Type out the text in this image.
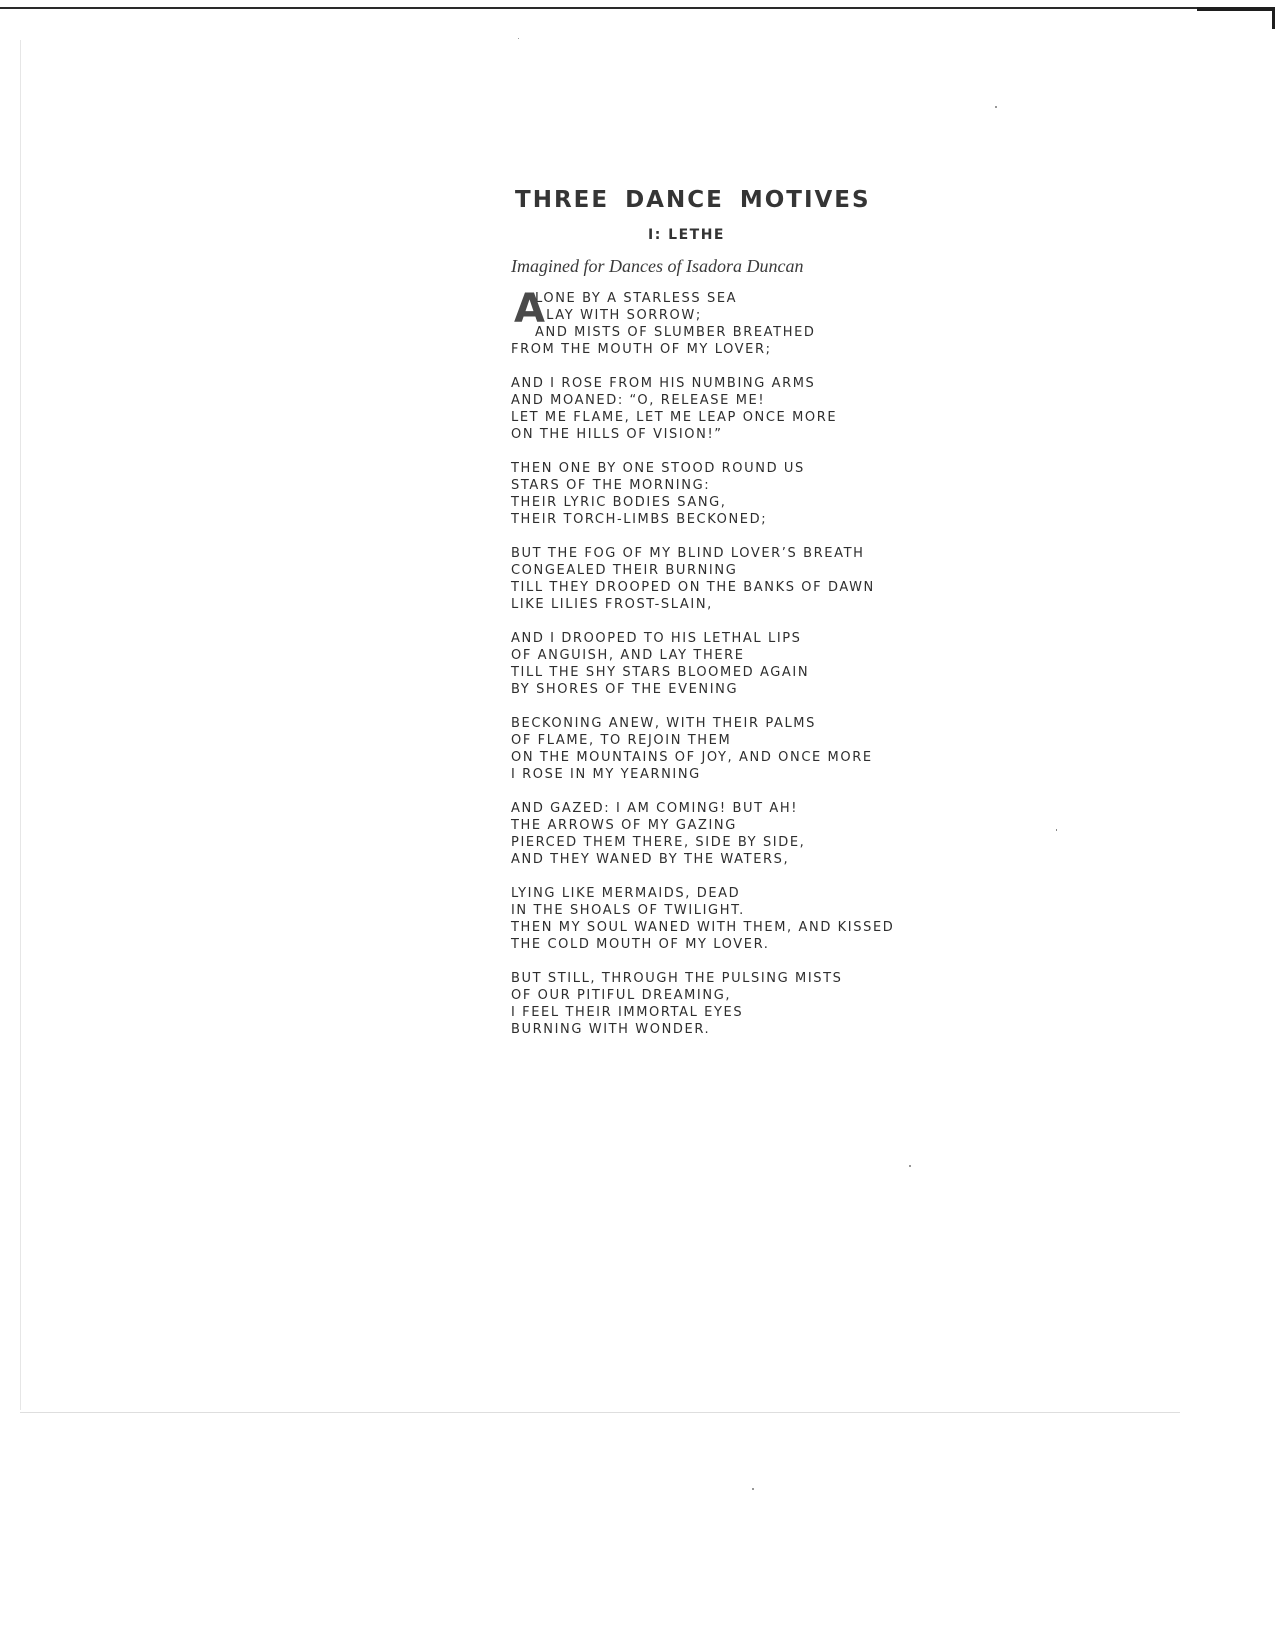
THREE DANCE MOTIVES
I: LETHE
Imagined for Dances of Isadora Duncan
A
LONE BY A STARLESS SEA
I LAY WITH SORROW;
AND MISTS OF SLUMBER BREATHED
FROM THE MOUTH OF MY LOVER;
AND I ROSE FROM HIS NUMBING ARMS
AND MOANED: “O, RELEASE ME!
LET ME FLAME, LET ME LEAP ONCE MORE
ON THE HILLS OF VISION!”
THEN ONE BY ONE STOOD ROUND US
STARS OF THE MORNING:
THEIR LYRIC BODIES SANG,
THEIR TORCH-LIMBS BECKONED;
BUT THE FOG OF MY BLIND LOVER’S BREATH
CONGEALED THEIR BURNING
TILL THEY DROOPED ON THE BANKS OF DAWN
LIKE LILIES FROST-SLAIN,
AND I DROOPED TO HIS LETHAL LIPS
OF ANGUISH, AND LAY THERE
TILL THE SHY STARS BLOOMED AGAIN
BY SHORES OF THE EVENING
BECKONING ANEW, WITH THEIR PALMS
OF FLAME, TO REJOIN THEM
ON THE MOUNTAINS OF JOY, AND ONCE MORE
I ROSE IN MY YEARNING
AND GAZED: I AM COMING! BUT AH!
THE ARROWS OF MY GAZING
PIERCED THEM THERE, SIDE BY SIDE,
AND THEY WANED BY THE WATERS,
LYING LIKE MERMAIDS, DEAD
IN THE SHOALS OF TWILIGHT.
THEN MY SOUL WANED WITH THEM, AND KISSED
THE COLD MOUTH OF MY LOVER.
BUT STILL, THROUGH THE PULSING MISTS
OF OUR PITIFUL DREAMING,
I FEEL THEIR IMMORTAL EYES
BURNING WITH WONDER.
